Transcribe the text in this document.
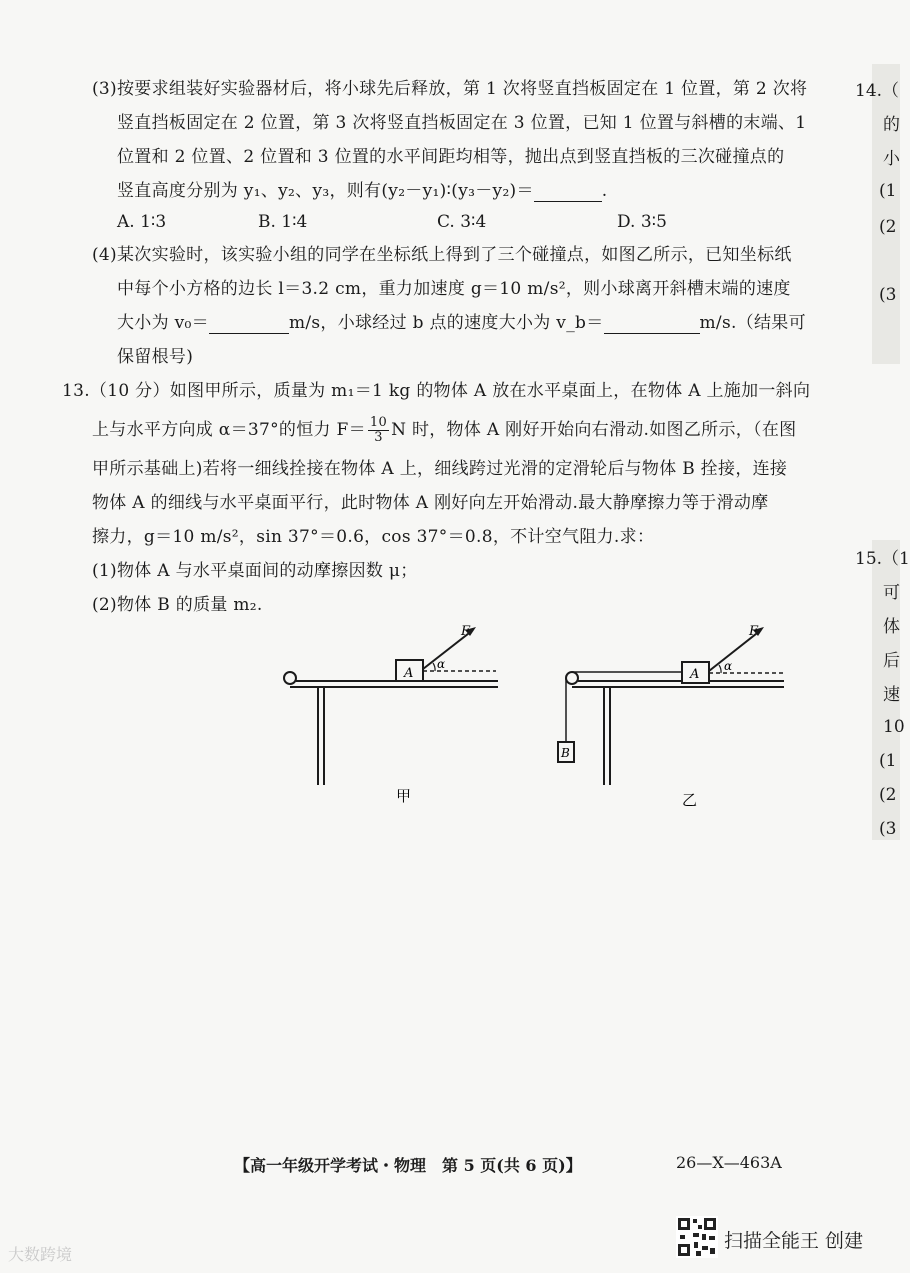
(3)按要求组装好实验器材后，将小球先后释放，第 1 次将竖直挡板固定在 1 位置，第 2 次将
竖直挡板固定在 2 位置，第 3 次将竖直挡板固定在 3 位置，已知 1 位置与斜槽的末端、1
位置和 2 位置、2 位置和 3 位置的水平间距均相等，抛出点到竖直挡板的三次碰撞点的
竖直高度分别为 y₁、y₂、y₃，则有(y₂－y₁)∶(y₃－y₂)＝	.
A. 1∶3	B. 1∶4	C. 3∶4	D. 3∶5
(4)某次实验时，该实验小组的同学在坐标纸上得到了三个碰撞点，如图乙所示，已知坐标纸
中每个小方格的边长 l＝3.2 cm，重力加速度 g＝10 m/s²，则小球离开斜槽末端的速度
大小为 v₀＝	m/s，小球经过 b 点的速度大小为 v_b＝	m/s.（结果可
保留根号)
13.（10 分）如图甲所示，质量为 m₁＝1 kg 的物体 A 放在水平桌面上，在物体 A 上施加一斜向
上与水平方向成 α＝37°的恒力 $F= \frac{10}{3}$ N 时，物体 A 刚好开始向右滑动.如图乙所示，（在图
甲所示基础上)若将一细线拴接在物体 A 上，细线跨过光滑的定滑轮后与物体 B 拴接，连接
物体 A 的细线与水平桌面平行，此时物体 A 刚好向左开始滑动.最大静摩擦力等于滑动摩
擦力，g＝10 m/s²，sin 37°＝0.6，cos 37°＝0.8，不计空气阻力.求：
(1)物体 A 与水平桌面间的动摩擦因数 μ；
(2)物体 B 的质量 m₂.
A
F
α
甲
B
A
F
α
乙
14.（
的
小
(1
(2
(3
15.（1
可
体
后
速
10
(1
(2
(3
【高一年级开学考试・物理　第 5 页(共 6 页)】	26—X—463A
扫描全能王 创建
大数跨境
